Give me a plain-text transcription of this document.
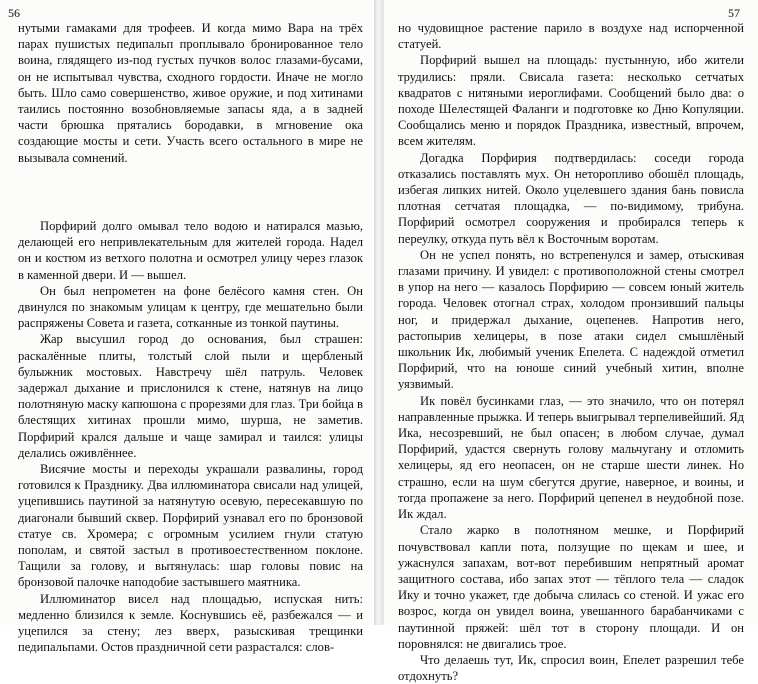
56

нутыми гамаками для трофеев. И когда мимо Вара на трёх парах пушистых педипальп проплывало бронированное тело воина, глядящего из-под густых пучков волос глазами-бусами, он не испытывал чувства, сходного гордости. Иначе не могло быть. Шло само совершенство, живое оружие, и под хитинами таились постоянно возобновляемые запасы яда, а в задней части брюшка прятались бородавки, в мгновение ока создающие мосты и сети. Участь всего остального в мире не вызывала сомнений.

Порфирий долго омывал тело водою и натирался мазью, делающей его непривлекательным для жителей города. Надел он и костюм из ветхого полотна и осмотрел улицу через глазок в каменной двери. И — вышел.

Он был непрометен на фоне белёсого камня стен. Он двинулся по знакомым улицам к центру, где мешательно были распряжены Совета и газета, сотканные из тонкой паутины.

Жар высушил город до основания, был страшен: раскалённые плиты, толстый слой пыли и щербленый булыжник мостовых. Навстречу шёл патруль. Человек задержал дыхание и прислонился к стене, натянув на лицо полотняную маску капюшона с прорезями для глаз. Три бойца в блестящих хитинах прошли мимо, шурша, не заметив. Порфирий крался дальше и чаще замирал и таился: улицы делались оживлённее.

Висячие мосты и переходы украшали развалины, город готовился к Празднику. Два иллюминатора свисали над улицей, уцепившись паутиной за натянутую осевую, пересекавшую по диагонали бывший сквер. Порфирий узнавал его по бронзовой статуе св. Хромера; с огромным усилием гнули статую пополам, и святой застыл в противоестественном поклоне. Тащили за голову, и вытянулась: шар головы повис на бронзовой палочке наподобие застывшего маятника.

Иллюминатор висел над площадью, испуская нить: медленно близился к земле. Коснувшись её, разбежался — и уцепился за стену; лез вверх, разыскивая трещинки педипальпами. Остов праздничной сети разрастался: слов-

57

но чудовищное растение парило в воздухе над испорченной статуей.

Порфирий вышел на площадь: пустынную, ибо жители трудились: пряли. Свисала газета: несколько сетчатых квадратов с нитяными иероглифами. Сообщений было два: о походе Шелестящей Фаланги и подготовке ко Дню Копуляции. Сообщались меню и порядок Праздника, известный, впрочем, всем жителям.

Догадка Порфирия подтвердилась: соседи города отказались поставлять мух. Он неторопливо обошёл площадь, избегая липких нитей. Около уцелевшего здания бань повисла плотная сетчатая площадка, — по-видимому, трибуна. Порфирий осмотрел сооружения и пробирался теперь к переулку, откуда путь вёл к Восточным воротам.

Он не успел понять, но встрепенулся и замер, отыскивая глазами причину. И увидел: с противоположной стены смотрел в упор на него — казалось Порфирию — совсем юный житель города. Человек отогнал страх, холодом пронзивший пальцы ног, и придержал дыхание, оцепенев. Напротив него, растопырив хелицеры, в позе атаки сидел смышлёный школьник Ик, любимый ученик Епелета. С надеждой отметил Порфирий, что на юноше синий учебный хитин, вполне уязвимый.

Ик повёл бусинками глаз, — это значило, что он потерял направленные прыжка. И теперь выигрывал терпеливейший. Яд Ика, несозревший, не был опасен; в любом случае, думал Порфирий, удастся свернуть голову мальчугану и отломить хелицеры, яд его неопасен, он не старше шести линек. Но страшно, если на шум сбегутся другие, наверное, и воины, и тогда пропажене за него. Порфирий цепенел в неудобной позе. Ик ждал.

Стало жарко в полотняном мешке, и Порфирий почувствовал капли пота, ползущие по щекам и шее, и ужаснулся запахам, вот-вот перебившим непрятный аромат защитного состава, ибо запах этот — тёплого тела — сладок Ику и точно укажет, где добыча слилась со стеной. И ужас его возрос, когда он увидел воина, увешанного барабанчиками с паутинной пряжей: шёл тот в сторону площади. И он поровнялся: не двигались трое.

Что делаешь тут, Ик, спросил воин, Епелет разрешил тебе отдохнуть?
